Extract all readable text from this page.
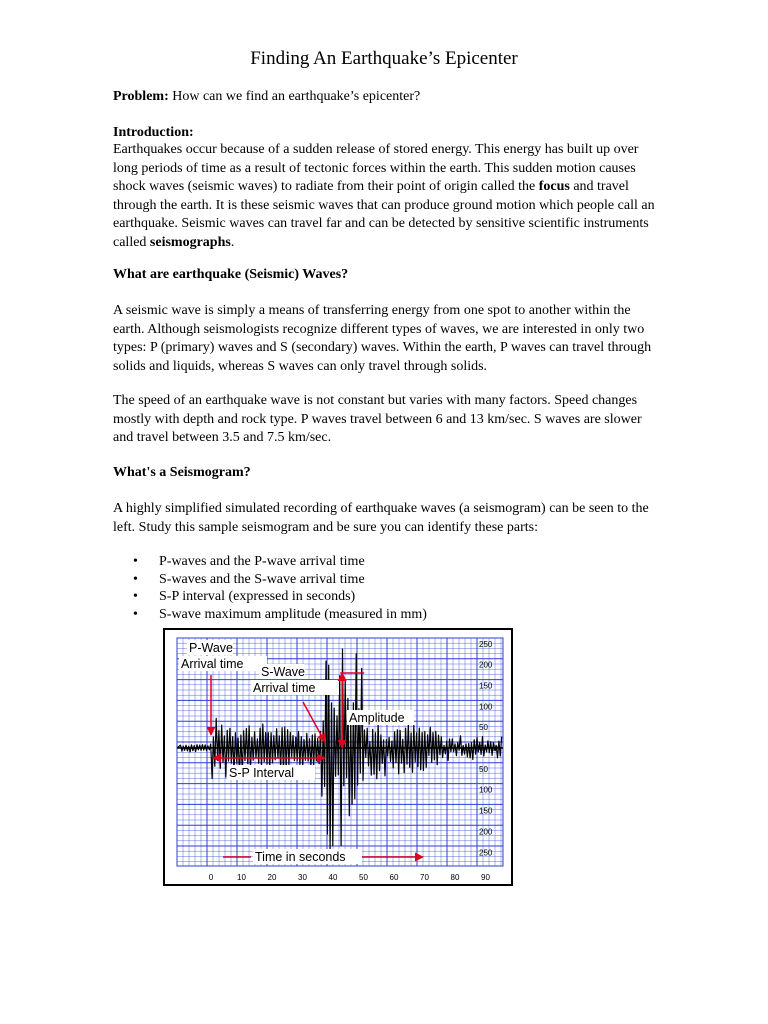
Finding An Earthquake’s Epicenter
Problem: How can we find an earthquake’s epicenter?
Introduction:
Earthquakes occur because of a sudden release of stored energy. This energy has built up over long periods of time as a result of tectonic forces within the earth. This sudden motion causes shock waves (seismic waves) to radiate from their point of origin called the focus and travel through the earth. It is these seismic waves that can produce ground motion which people call an earthquake. Seismic waves can travel far and can be detected by sensitive scientific instruments called seismographs.
What are earthquake (Seismic) Waves?
A seismic wave is simply a means of transferring energy from one spot to another within the earth. Although seismologists recognize different types of waves, we are interested in only two types: P (primary) waves and S (secondary) waves. Within the earth, P waves can travel through solids and liquids, whereas S waves can only travel through solids.
The speed of an earthquake wave is not constant but varies with many factors. Speed changes mostly with depth and rock type. P waves travel between 6 and 13 km/sec. S waves are slower and travel between 3.5 and 7.5 km/sec.
What's a Seismogram?
A highly simplified simulated recording of earthquake waves (a seismogram) can be seen to the left. Study this sample seismogram and be sure you can identify these parts:
• P-waves and the P-wave arrival time
• S-waves and the S-wave arrival time
• S-P interval (expressed in seconds)
• S-wave maximum amplitude (measured in mm)
P-Wave
Arrival time
S-Wave
Arrival time
Amplitude
S-P Interval
Time in seconds
250
200
150
100
50
0 mm
50
100
150
200
250
0	10	20	30	40	50	60	70	80	90
